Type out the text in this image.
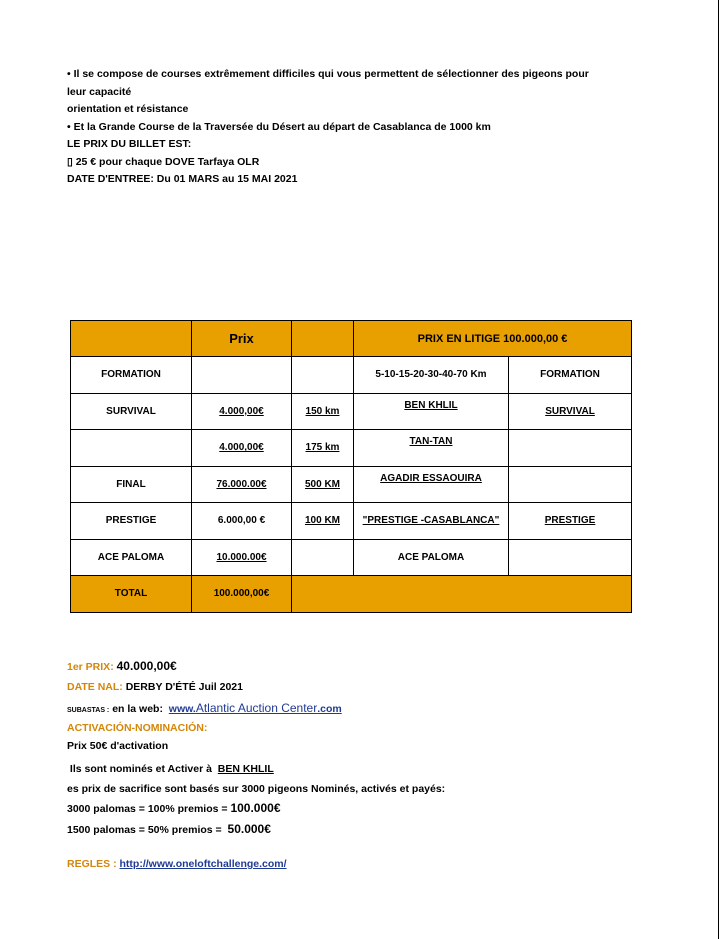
• Il se compose de courses extrêmement difficiles qui vous permettent de sélectionner des pigeons pour
leur capacité
orientation et résistance
• Et la Grande Course de la Traversée du Désert au départ de Casablanca de 1000 km
LE PRIX DU BILLET EST:
▯ 25 € pour chaque DOVE Tarfaya OLR
DATE D'ENTREE: Du 01 MARS au 15 MAI 2021
	Prix		PRIX EN LITIGE 100.000,00 €	
FORMATION			5-10-15-20-30-40-70 Km	FORMATION
SURVIVAL	4.000,00€	150 km	BEN KHLIL	SURVIVAL
	4.000,00€	175 km	TAN-TAN	
FINAL	76.000.00€	500 KM	AGADIR ESSAOUIRA	
PRESTIGE	6.000,00 €	100 KM	"PRESTIGE -CASABLANCA"	PRESTIGE
ACE PALOMA	10.000.00€		ACE PALOMA	
TOTAL	100.000,00€			
1er PRIX: 40.000,00€
DATE NAL: DERBY D'ÉTÉ Juil 2021
SUBASTAS : en la web: www.Atlantic Auction Center.com
ACTIVACIÓN-NOMINACIÓN:
Prix 50€ d'activation
Ils sont nominés et Activer à BEN KHLIL
es prix de sacrifice sont basés sur 3000 pigeons Nominés, activés et payés:
3000 palomas = 100% premios = 100.000€
1500 palomas = 50% premios = 50.000€
REGLES : http://www.oneloftchallenge.com/
